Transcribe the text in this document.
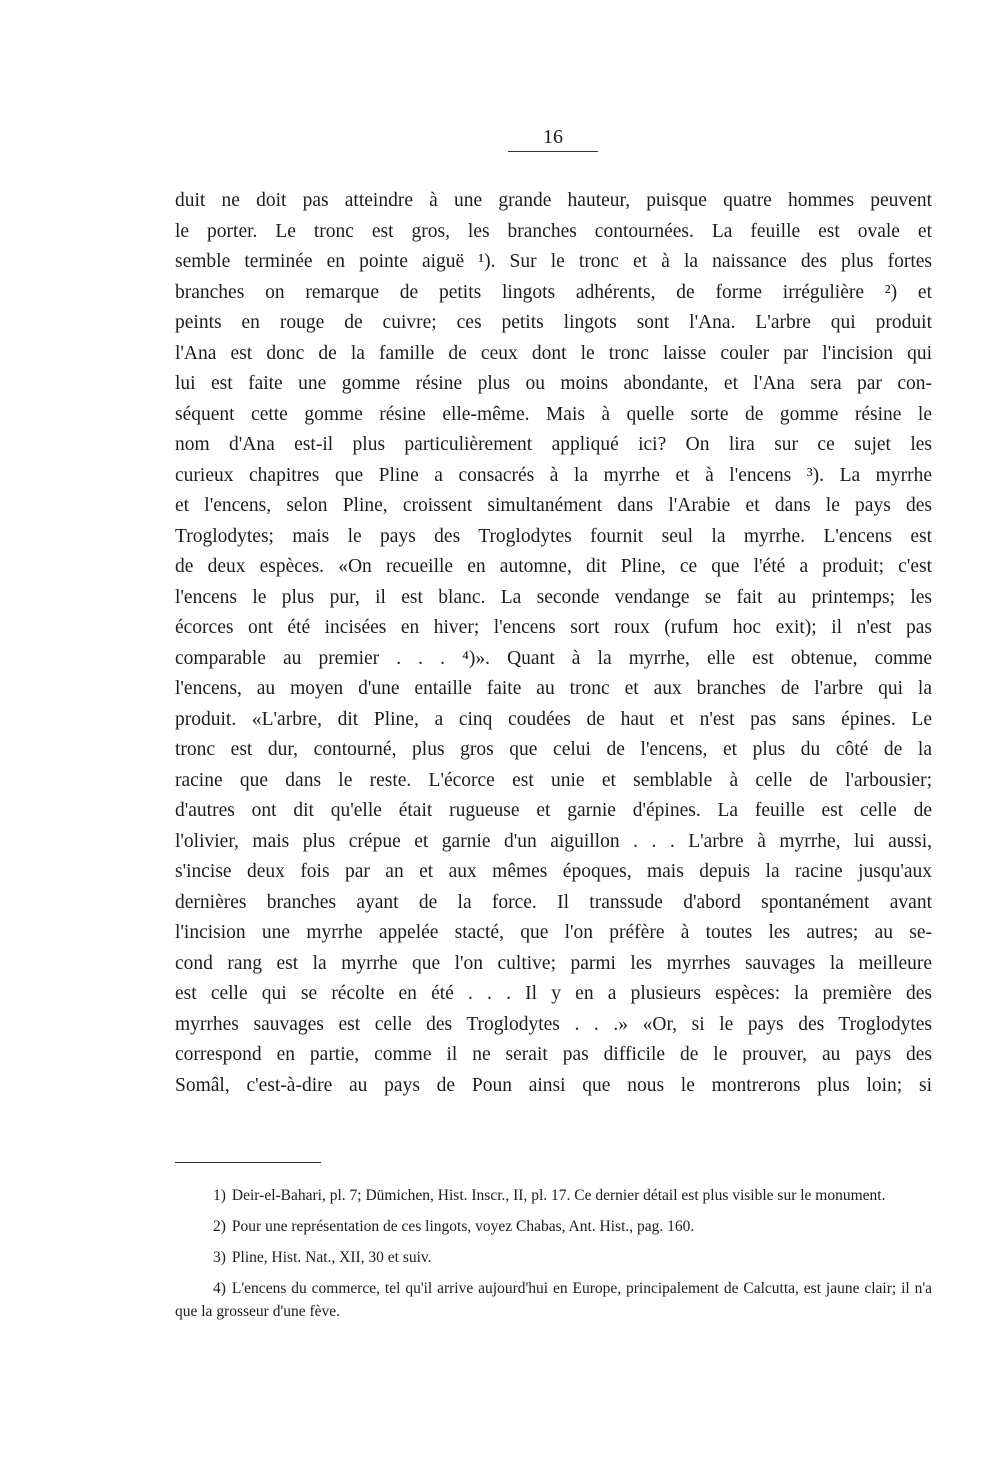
16
duit ne doit pas atteindre à une grande hauteur, puisque quatre hommes peuvent
le porter. Le tronc est gros, les branches contournées. La feuille est ovale et
semble terminée en pointe aiguë ¹). Sur le tronc et à la naissance des plus fortes
branches on remarque de petits lingots adhérents, de forme irrégulière ²) et
peints en rouge de cuivre; ces petits lingots sont l'Ana. L'arbre qui produit
l'Ana est donc de la famille de ceux dont le tronc laisse couler par l'incision qui
lui est faite une gomme résine plus ou moins abondante, et l'Ana sera par con-
séquent cette gomme résine elle-même. Mais à quelle sorte de gomme résine le
nom d'Ana est-il plus particulièrement appliqué ici? On lira sur ce sujet les
curieux chapitres que Pline a consacrés à la myrrhe et à l'encens ³). La myrrhe
et l'encens, selon Pline, croissent simultanément dans l'Arabie et dans le pays des
Troglodytes; mais le pays des Troglodytes fournit seul la myrrhe. L'encens est
de deux espèces. «On recueille en automne, dit Pline, ce que l'été a produit; c'est
l'encens le plus pur, il est blanc. La seconde vendange se fait au printemps; les
écorces ont été incisées en hiver; l'encens sort roux (rufum hoc exit); il n'est pas
comparable au premier . . . ⁴)». Quant à la myrrhe, elle est obtenue, comme
l'encens, au moyen d'une entaille faite au tronc et aux branches de l'arbre qui la
produit. «L'arbre, dit Pline, a cinq coudées de haut et n'est pas sans épines. Le
tronc est dur, contourné, plus gros que celui de l'encens, et plus du côté de la
racine que dans le reste. L'écorce est unie et semblable à celle de l'arbousier;
d'autres ont dit qu'elle était rugueuse et garnie d'épines. La feuille est celle de
l'olivier, mais plus crépue et garnie d'un aiguillon . . . L'arbre à myrrhe, lui aussi,
s'incise deux fois par an et aux mêmes époques, mais depuis la racine jusqu'aux
dernières branches ayant de la force. Il transsude d'abord spontanément avant
l'incision une myrrhe appelée stacté, que l'on préfère à toutes les autres; au se-
cond rang est la myrrhe que l'on cultive; parmi les myrrhes sauvages la meilleure
est celle qui se récolte en été . . . Il y en a plusieurs espèces: la première des
myrrhes sauvages est celle des Troglodytes . . .» «Or, si le pays des Troglodytes
correspond en partie, comme il ne serait pas difficile de le prouver, au pays des
Somâl, c'est-à-dire au pays de Poun ainsi que nous le montrerons plus loin; si

1) Deir-el-Bahari, pl. 7; Dümichen, Hist. Inscr., II, pl. 17. Ce dernier détail est plus visible sur le monument.

2) Pour une représentation de ces lingots, voyez Chabas, Ant. Hist., pag. 160.

3) Pline, Hist. Nat., XII, 30 et suiv.

4) L'encens du commerce, tel qu'il arrive aujourd'hui en Europe, principalement de Calcutta, est jaune clair; il n'a que la grosseur d'une fève.
